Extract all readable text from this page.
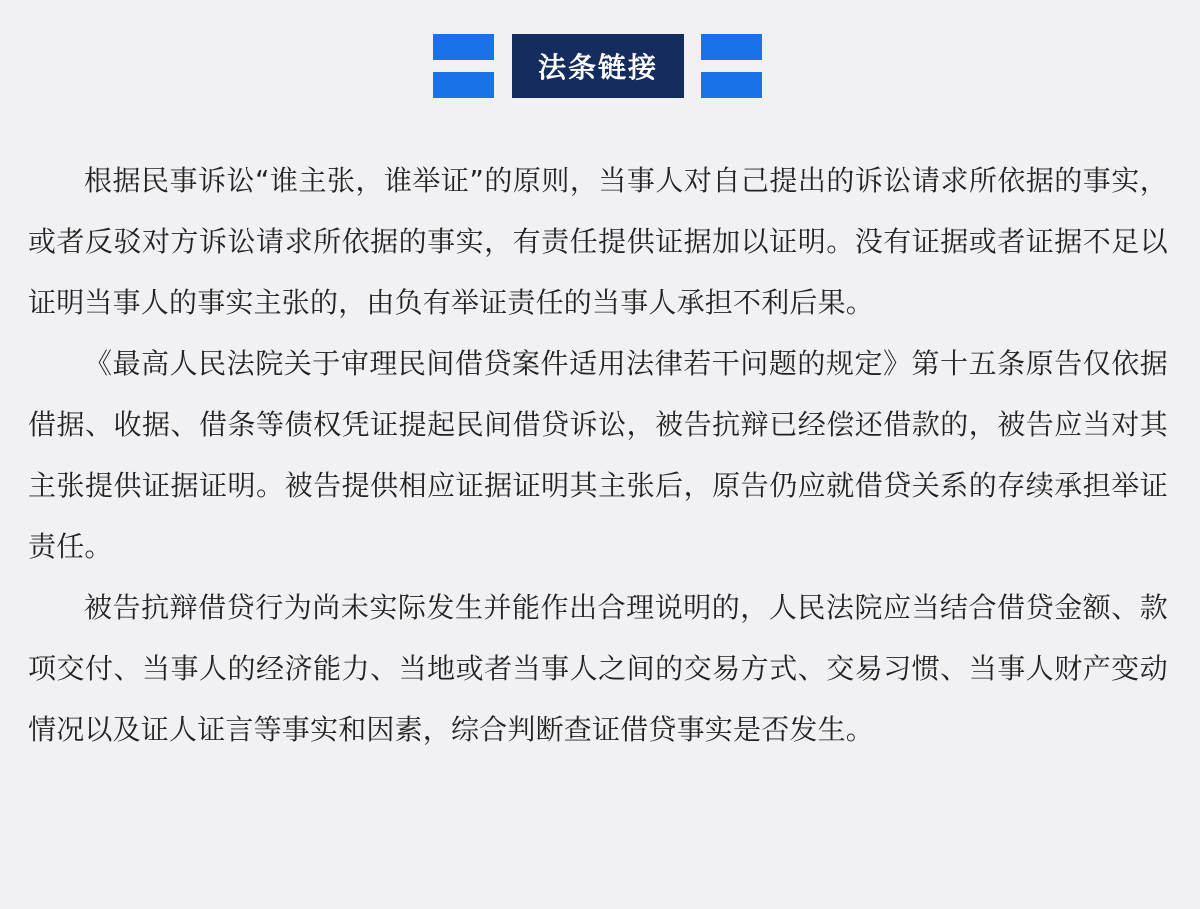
法条链接

根据民事诉讼“谁主张，谁举证”的原则，当事人对自己提出的诉讼请求所依据的事实，或者反驳对方诉讼请求所依据的事实，有责任提供证据加以证明。没有证据或者证据不足以证明当事人的事实主张的，由负有举证责任的当事人承担不利后果。

《最高人民法院关于审理民间借贷案件适用法律若干问题的规定》第十五条原告仅依据借据、收据、借条等债权凭证提起民间借贷诉讼，被告抗辩已经偿还借款的，被告应当对其主张提供证据证明。被告提供相应证据证明其主张后，原告仍应就借贷关系的存续承担举证责任。

被告抗辩借贷行为尚未实际发生并能作出合理说明的，人民法院应当结合借贷金额、款项交付、当事人的经济能力、当地或者当事人之间的交易方式、交易习惯、当事人财产变动情况以及证人证言等事实和因素，综合判断查证借贷事实是否发生。
